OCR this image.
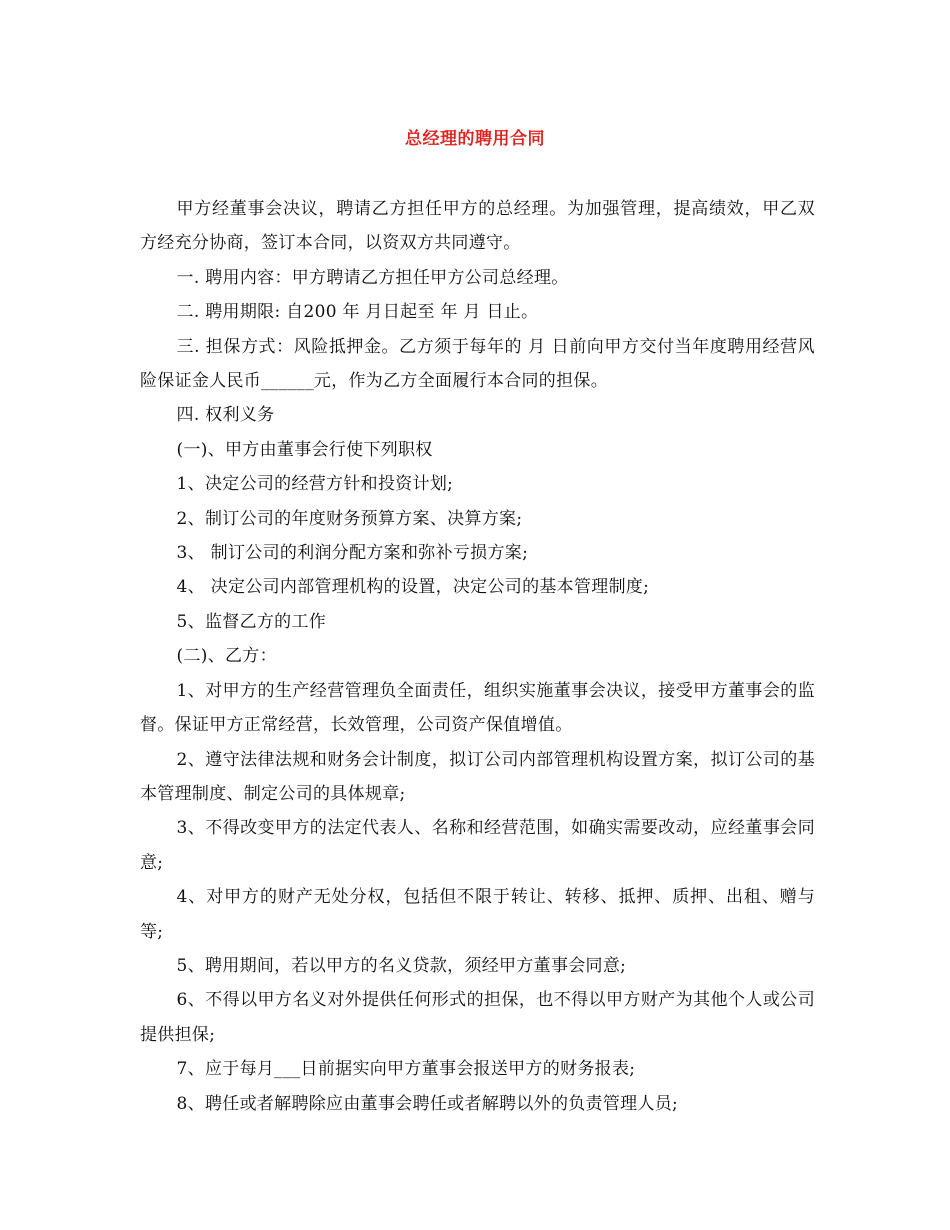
总经理的聘用合同

甲方经董事会决议，聘请乙方担任甲方的总经理。为加强管理，提高绩效，甲乙双方经充分协商，签订本合同，以资双方共同遵守。

一. 聘用内容：甲方聘请乙方担任甲方公司总经理。

二. 聘用期限: 自200 年 月日起至 年 月 日止。

三. 担保方式：风险抵押金。乙方须于每年的 月 日前向甲方交付当年度聘用经营风险保证金人民币______元，作为乙方全面履行本合同的担保。

四. 权利义务

(一)、甲方由董事会行使下列职权

1、决定公司的经营方针和投资计划;

2、制订公司的年度财务预算方案、决算方案;

3、 制订公司的利润分配方案和弥补亏损方案;

4、 决定公司内部管理机构的设置，决定公司的基本管理制度;

5、监督乙方的工作

(二)、乙方：

1、对甲方的生产经营管理负全面责任，组织实施董事会决议，接受甲方董事会的监督。保证甲方正常经营，长效管理，公司资产保值增值。

2、遵守法律法规和财务会计制度，拟订公司内部管理机构设置方案，拟订公司的基本管理制度、制定公司的具体规章;

3、不得改变甲方的法定代表人、名称和经营范围，如确实需要改动，应经董事会同意;

4、对甲方的财产无处分权，包括但不限于转让、转移、抵押、质押、出租、赠与等;

5、聘用期间，若以甲方的名义贷款，须经甲方董事会同意;

6、不得以甲方名义对外提供任何形式的担保，也不得以甲方财产为其他个人或公司提供担保;

7、应于每月___日前据实向甲方董事会报送甲方的财务报表;

8、聘任或者解聘除应由董事会聘任或者解聘以外的负责管理人员;
